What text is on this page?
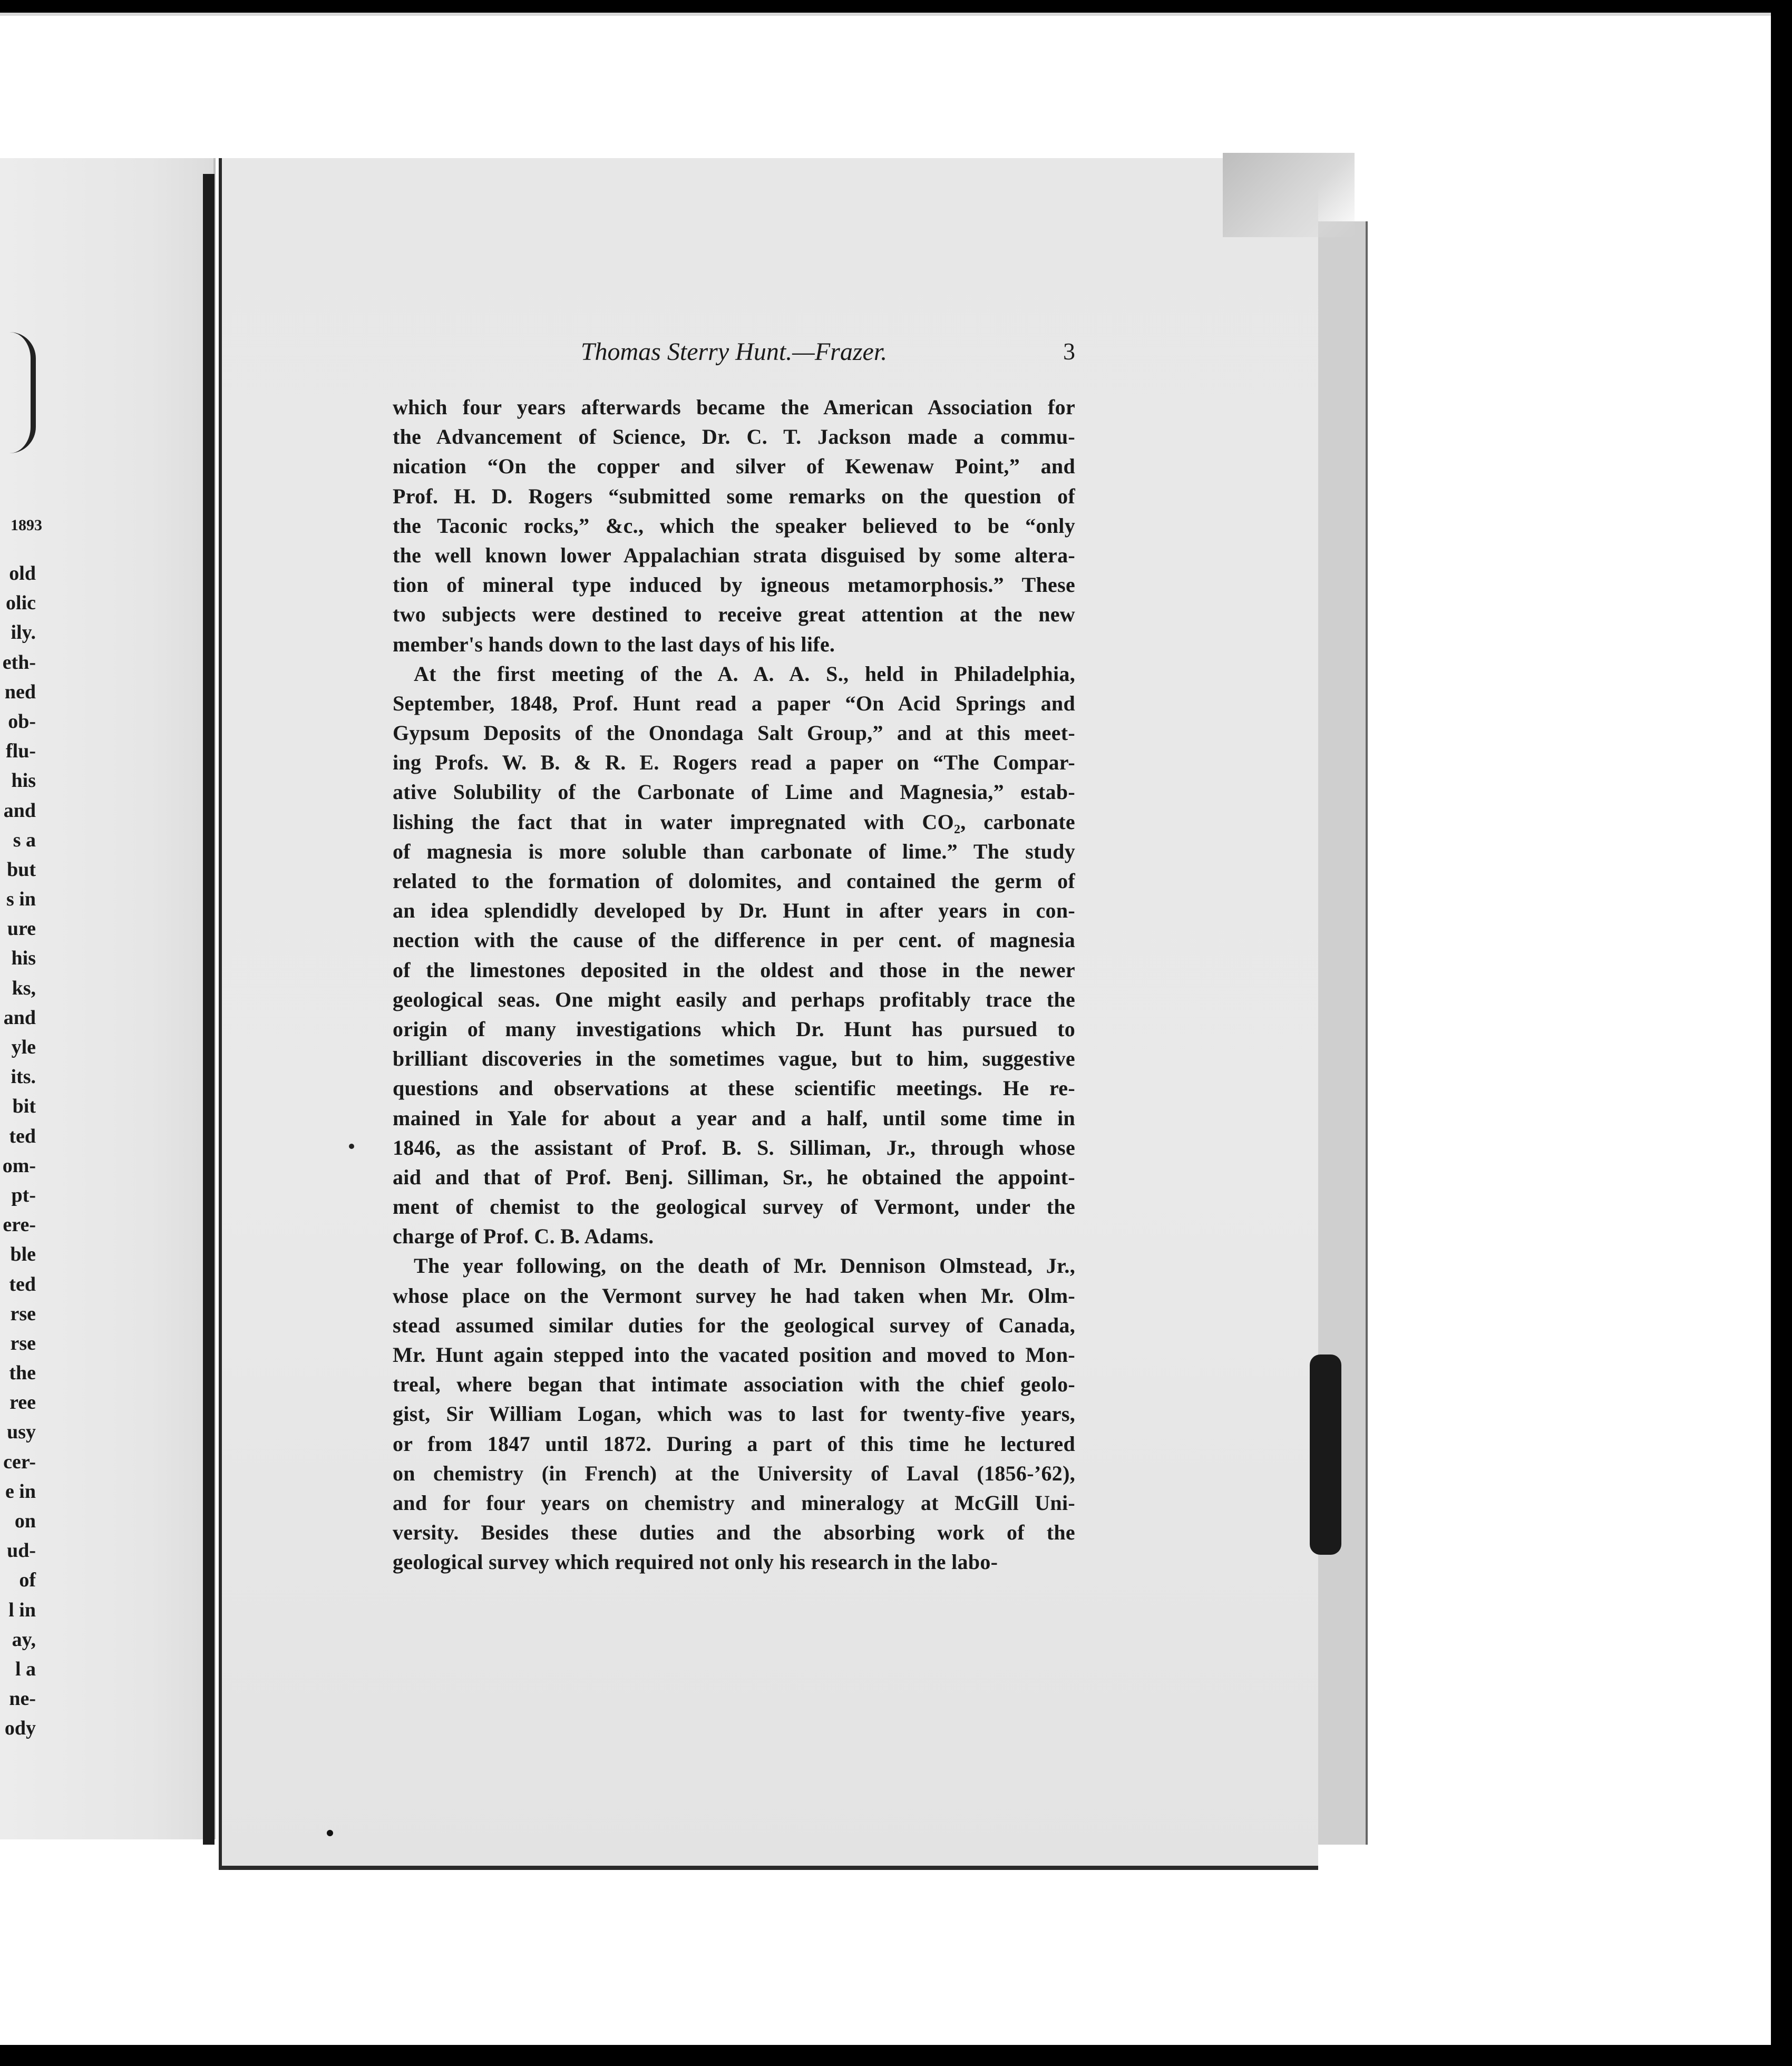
1893
old
olic
ily.
eth-
ned
ob-
flu-
his
and
s a
but
s in
ure
his
ks,
and
yle
its.
bit
ted
om-
pt-
ere-
ble
ted
rse
rse
the
ree
usy
cer-
e in
on
ud-
of
l in
ay,
l a
ne-
ody
Thomas Sterry Hunt.—Frazer.	3
which four years afterwards became the American Association for
the Advancement of Science, Dr. C. T. Jackson made a commu-
nication “On the copper and silver of Kewenaw Point,” and
Prof. H. D. Rogers “submitted some remarks on the question of
the Taconic rocks,” &c., which the speaker believed to be “only
the well known lower Appalachian strata disguised by some altera-
tion of mineral type induced by igneous metamorphosis.” These
two subjects were destined to receive great attention at the new
member's hands down to the last days of his life.
At the first meeting of the A. A. A. S., held in Philadelphia,
September, 1848, Prof. Hunt read a paper “On Acid Springs and
Gypsum Deposits of the Onondaga Salt Group,” and at this meet-
ing Profs. W. B. & R. E. Rogers read a paper on “The Compar-
ative Solubility of the Carbonate of Lime and Magnesia,” estab-
lishing the fact that in water impregnated with CO₂, carbonate
of magnesia is more soluble than carbonate of lime.” The study
related to the formation of dolomites, and contained the germ of
an idea splendidly developed by Dr. Hunt in after years in con-
nection with the cause of the difference in per cent. of magnesia
of the limestones deposited in the oldest and those in the newer
geological seas. One might easily and perhaps profitably trace the
origin of many investigations which Dr. Hunt has pursued to
brilliant discoveries in the sometimes vague, but to him, suggestive
questions and observations at these scientific meetings. He re-
mained in Yale for about a year and a half, until some time in
1846, as the assistant of Prof. B. S. Silliman, Jr., through whose
aid and that of Prof. Benj. Silliman, Sr., he obtained the appoint-
ment of chemist to the geological survey of Vermont, under the
charge of Prof. C. B. Adams.
The year following, on the death of Mr. Dennison Olmstead, Jr.,
whose place on the Vermont survey he had taken when Mr. Olm-
stead assumed similar duties for the geological survey of Canada,
Mr. Hunt again stepped into the vacated position and moved to Mon-
treal, where began that intimate association with the chief geolo-
gist, Sir William Logan, which was to last for twenty-five years,
or from 1847 until 1872. During a part of this time he lectured
on chemistry (in French) at the University of Laval (1856-’62),
and for four years on chemistry and mineralogy at McGill Uni-
versity. Besides these duties and the absorbing work of the
geological survey which required not only his research in the labo-
